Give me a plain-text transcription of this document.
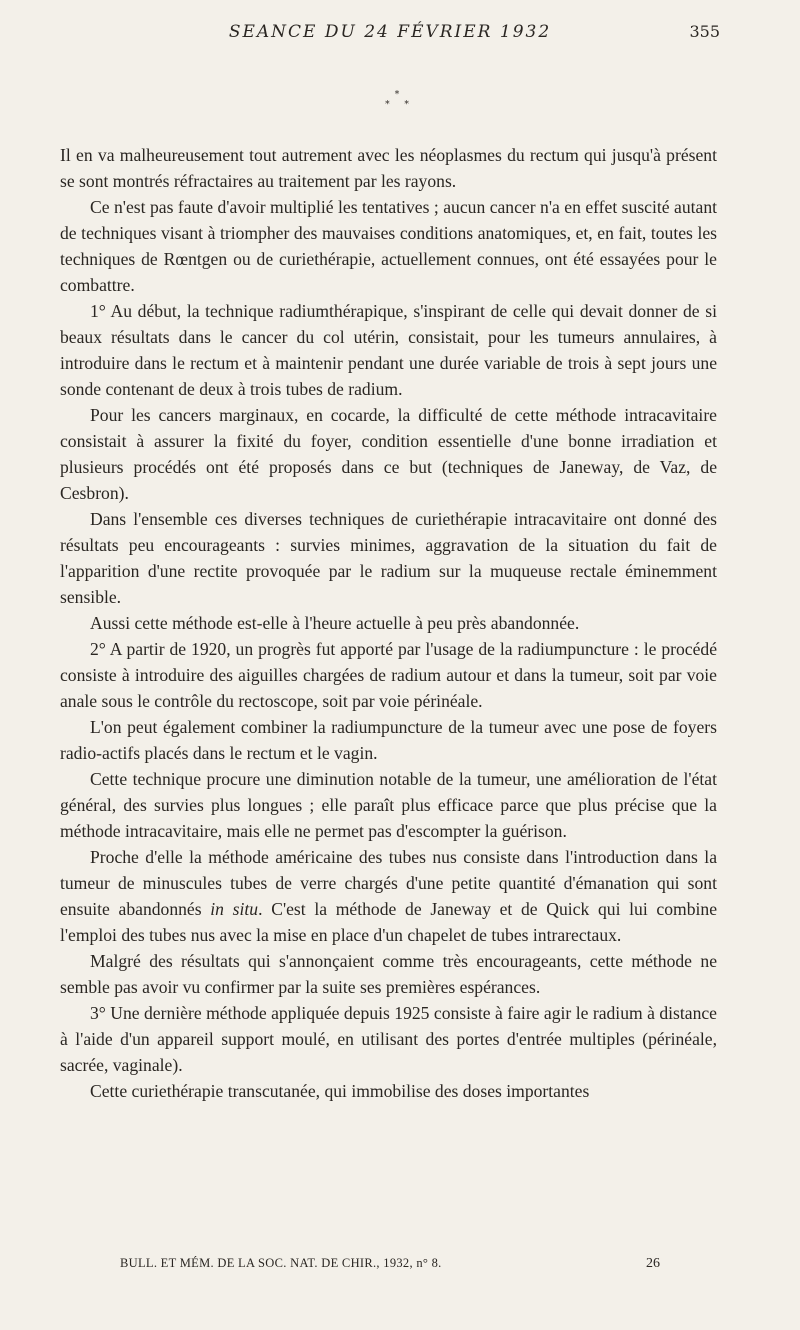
SEANCE DU 24 FÉVRIER 1932	355
*
* *

Il en va malheureusement tout autrement avec les néoplasmes du rectum qui jusqu'à présent se sont montrés réfractaires au traitement par les rayons.

Ce n'est pas faute d'avoir multiplié les tentatives ; aucun cancer n'a en effet suscité autant de techniques visant à triompher des mauvaises conditions anatomiques, et, en fait, toutes les techniques de Rœntgen ou de curiethérapie, actuellement connues, ont été essayées pour le combattre.

1° Au début, la technique radiumthérapique, s'inspirant de celle qui devait donner de si beaux résultats dans le cancer du col utérin, consistait, pour les tumeurs annulaires, à introduire dans le rectum et à maintenir pendant une durée variable de trois à sept jours une sonde contenant de deux à trois tubes de radium.

Pour les cancers marginaux, en cocarde, la difficulté de cette méthode intracavitaire consistait à assurer la fixité du foyer, condition essentielle d'une bonne irradiation et plusieurs procédés ont été proposés dans ce but (techniques de Janeway, de Vaz, de Cesbron).

Dans l'ensemble ces diverses techniques de curiethérapie intracavitaire ont donné des résultats peu encourageants : survies minimes, aggravation de la situation du fait de l'apparition d'une rectite provoquée par le radium sur la muqueuse rectale éminemment sensible.

Aussi cette méthode est-elle à l'heure actuelle à peu près abandonnée.

2° A partir de 1920, un progrès fut apporté par l'usage de la radiumpuncture : le procédé consiste à introduire des aiguilles chargées de radium autour et dans la tumeur, soit par voie anale sous le contrôle du rectoscope, soit par voie périnéale.

L'on peut également combiner la radiumpuncture de la tumeur avec une pose de foyers radio-actifs placés dans le rectum et le vagin.

Cette technique procure une diminution notable de la tumeur, une amélioration de l'état général, des survies plus longues ; elle paraît plus efficace parce que plus précise que la méthode intracavitaire, mais elle ne permet pas d'escompter la guérison.

Proche d'elle la méthode américaine des tubes nus consiste dans l'introduction dans la tumeur de minuscules tubes de verre chargés d'une petite quantité d'émanation qui sont ensuite abandonnés in situ. C'est la méthode de Janeway et de Quick qui lui combine l'emploi des tubes nus avec la mise en place d'un chapelet de tubes intrarectaux.

Malgré des résultats qui s'annonçaient comme très encourageants, cette méthode ne semble pas avoir vu confirmer par la suite ses premières espérances.

3° Une dernière méthode appliquée depuis 1925 consiste à faire agir le radium à distance à l'aide d'un appareil support moulé, en utilisant des portes d'entrée multiples (périnéale, sacrée, vaginale).

Cette curiethérapie transcutanée, qui immobilise des doses importantes

BULL. ET MÉM. DE LA SOC. NAT. DE CHIR., 1932, n° 8.	26
